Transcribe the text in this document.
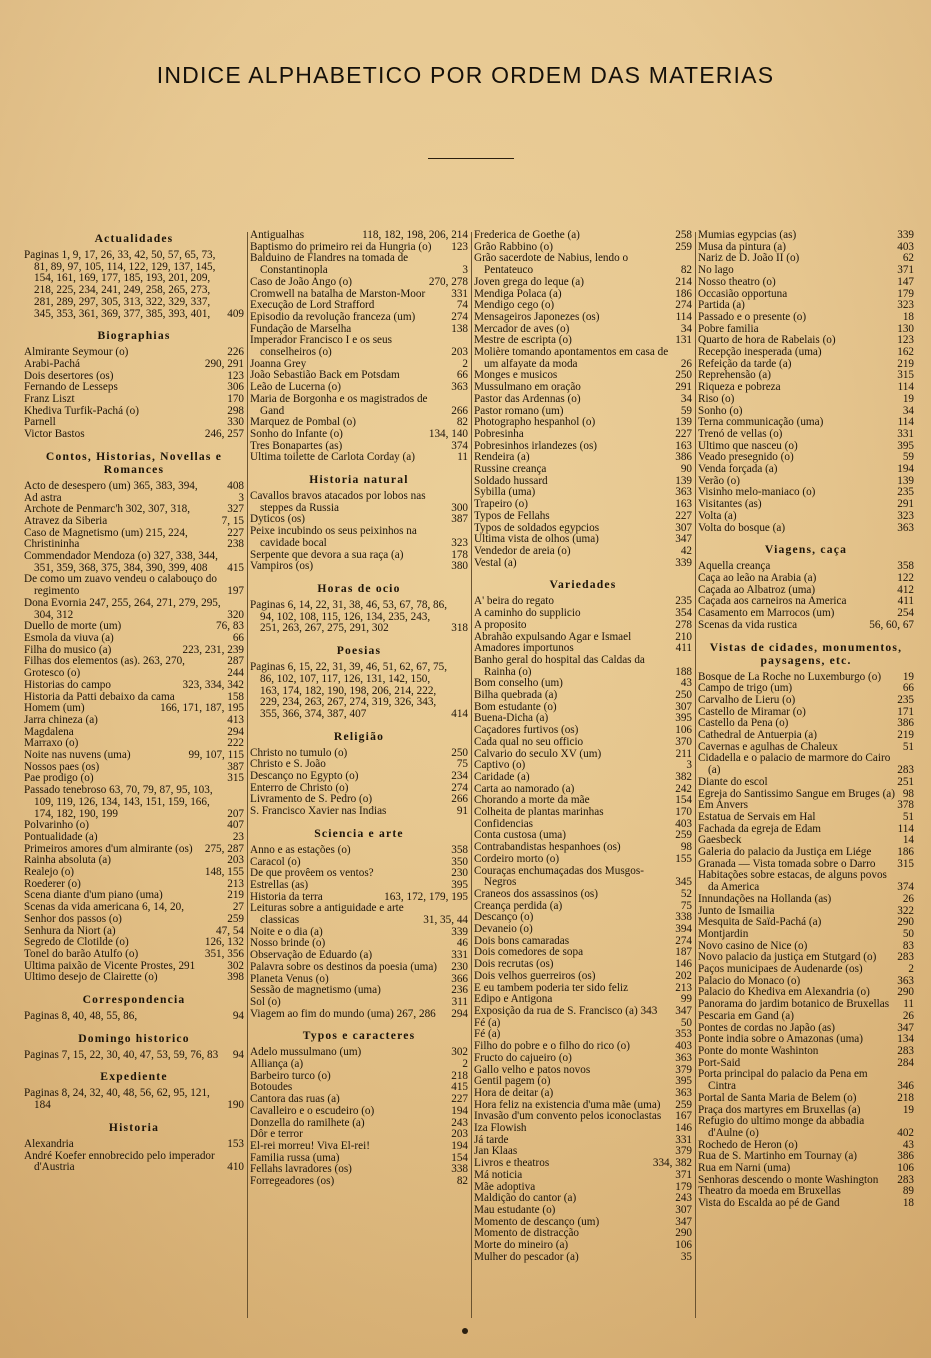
INDICE ALPHABETICO POR ORDEM DAS MATERIAS
Actualidades
Paginas 1, 9, 17, 26, 33, 42, 50, 57, 65, 73, 81, 89, 97, 105, 114, 122, 129, 137, 145, 154, 161, 169, 177, 185, 193, 201, 209, 218, 225, 234, 241, 249, 258, 265, 273, 281, 289, 297, 305, 313, 322, 329, 337, 345, 353, 361, 369, 377, 385, 393, 401,	409
Biographias
Almirante Seymour (o)	226
Arabi-Pachá	290, 291
Dois desertores (os)	123
Fernando de Lesseps	306
Franz Liszt	170
Khediva Turfik-Pachá (o)	298
Parnell	330
Victor Bastos	246, 257
Contos, Historias, Novellas e Romances
Acto de desespero (um) 365, 383, 394,	408
Ad astra	3
Archote de Penmarc'h 302, 307, 318,	327
Atravez da Siberia	7, 15
Caso de Magnetismo (um) 215, 224,	227
Christininha	238
Commendador Mendoza (o) 327, 338, 344, 351, 359, 368, 375, 384, 390, 399, 408	415
De como um zuavo vendeu o calabouço do regimento	197
Dona Evornia 247, 255, 264, 271, 279, 295, 304, 312	320
Duello de morte (um)	76, 83
Esmola da viuva (a)	66
Filha do musico (a)	223, 231, 239
Filhas dos elementos (as). 263, 270,	287
Grotesco (o)	244
Historias do campo	323, 334, 342
Historia da Patti debaixo da cama	158
Homem (um)	166, 171, 187, 195
Jarra chineza (a)	413
Magdalena	294
Marraxo (o)	222
Noite nas nuvens (uma)	99, 107, 115
Nossos paes (os)	387
Pae prodigo (o)	315
Passado tenebroso 63, 70, 79, 87, 95, 103, 109, 119, 126, 134, 143, 151, 159, 166, 174, 182, 190, 199	207
Polvarinho (o)	407
Pontualidade (a)	23
Primeiros amores d'um almirante (os)	275, 287
Rainha absoluta (a)	203
Realejo (o)	148, 155
Roederer (o)	213
Scena diante d'um piano (uma)	219
Scenas da vida americana 6, 14, 20,	27
Senhor dos passos (o)	259
Senhura da Niort (a)	47, 54
Segredo de Clotilde (o)	126, 132
Tonel do barão Atulfo (o)	351, 356
Ultima paixão de Vicente Prostes, 291	302
Ultimo desejo de Clairette (o)	398
Correspondencia
Paginas 8, 40, 48, 55, 86,	94
Domingo historico
Paginas 7, 15, 22, 30, 40, 47, 53, 59, 76, 83	94
Expediente
Paginas 8, 24, 32, 40, 48, 56, 62, 95, 121, 184	190
Historia
Alexandria	153
André Koefer ennobrecido pelo imperador d'Austria	410
Antigualhas	118, 182, 198, 206, 214
Baptismo do primeiro rei da Hungria (o)	123
Balduino de Flandres na tomada de Constantinopla	3
Caso de João Ango (o)	270, 278
Cromwell na batalha de Marston-Moor	331
Execução de Lord Strafford	74
Episodio da revolução franceza (um)	274
Fundação de Marselha	138
Imperador Francisco I e os seus conselheiros (o)	203
Joanna Grey	2
João Sebastião Back em Potsdam	66
Leão de Lucerna (o)	363
Maria de Borgonha e os magistrados de Gand	266
Marquez de Pombal (o)	82
Sonho do Infante (o)	134, 140
Tres Bonapartes (as)	374
Ultima toilette de Carlota Corday (a)	11
Historia natural
Cavallos bravos atacados por lobos nas steppes da Russia	300
Dyticos (os)	387
Peixe incubindo os seus peixinhos na cavidade bocal	323
Serpente que devora a sua raça (a)	178
Vampiros (os)	380
Horas de ocio
Paginas 6, 14, 22, 31, 38, 46, 53, 67, 78, 86, 94, 102, 108, 115, 126, 134, 235, 243, 251, 263, 267, 275, 291, 302	318
Poesias
Paginas 6, 15, 22, 31, 39, 46, 51, 62, 67, 75, 86, 102, 107, 117, 126, 131, 142, 150, 163, 174, 182, 190, 198, 206, 214, 222, 229, 234, 263, 267, 274, 319, 326, 343, 355, 366, 374, 387, 407	414
Religião
Christo no tumulo (o)	250
Christo e S. João	75
Descanço no Egypto (o)	234
Enterro de Christo (o)	274
Livramento de S. Pedro (o)	266
S. Francisco Xavier nas Indias	91
Sciencia e arte
Anno e as estações (o)	358
Caracol (o)	350
De que provêem os ventos?	230
Estrellas (as)	395
Historia da terra	163, 172, 179, 195
Leituras sobre a antiguidade e arte classicas	31, 35, 44
Noite e o dia (a)	339
Nosso brinde (o)	46
Observação de Eduardo (a)	331
Palavra sobre os destinos da poesia (uma)	230
Planeta Venus (o)	366
Sessão de magnetismo (uma)	236
Sol (o)	311
Viagem ao fim do mundo (uma) 267, 286	294
Typos e caracteres
Adelo mussulmano (um)	302
Alliança (a)	2
Barbeiro turco (o)	218
Botoudes	415
Cantora das ruas (a)	227
Cavalleiro e o escudeiro (o)	194
Donzella do ramilhete (a)	243
Dôr e terror	203
El-rei morreu! Viva El-rei!	194
Familia russa (uma)	154
Fellahs lavradores (os)	338
Forregeadores (os)	82
Frederica de Goethe (a)	258
Grão Rabbino (o)	259
Grão sacerdote de Nabius, lendo o Pentateuco	82
Joven grega do leque (a)	214
Mendiga Polaca (a)	186
Mendigo cego (o)	274
Mensageiros Japonezes (os)	114
Mercador de aves (o)	34
Mestre de escripta (o)	131
Molière tomando apontamentos em casa de um alfayate da moda	26
Monges e musicos	250
Mussulmano em oração	291
Pastor das Ardennas (o)	34
Pastor romano (um)	59
Photographo hespanhol (o)	139
Pobresinha	227
Pobresinhos irlandezes (os)	163
Rendeira (a)	386
Russine creança	90
Soldado hussard	139
Sybilla (uma)	363
Trapeiro (o)	163
Typos de Fellahs	227
Typos de soldados egypcios	307
Ultima vista de olhos (uma)	347
Vendedor de areia (o)	42
Vestal (a)	339
Variedades
A' beira do regato	235
A caminho do supplicio	354
A proposito	278
Abrahão expulsando Agar e Ismael	210
Amadores importunos	411
Banho geral do hospital das Caldas da Rainha (o)	188
Bom conselho (um)	43
Bilha quebrada (a)	250
Bom estudante (o)	307
Buena-Dicha (a)	395
Caçadores furtivos (os)	106
Cada qual no seu officio	370
Calvario do seculo XV (um)	211
Captivo (o)	3
Caridade (a)	382
Carta ao namorado (a)	242
Chorando a morte da mãe	154
Colheita de plantas marinhas	170
Confidencias	403
Conta custosa (uma)	259
Contrabandistas hespanhoes (os)	98
Cordeiro morto (o)	155
Couraças enchumaçadas dos Musgos-Negros	345
Craneos dos assassinos (os)	52
Creança perdida (a)	75
Descanço (o)	338
Devaneio (o)	394
Dois bons camaradas	274
Dois comedores de sopa	187
Dois recrutas (os)	146
Dois velhos guerreiros (os)	202
E eu tambem poderia ter sido feliz	213
Edipo e Antigona	99
Exposição da rua de S. Francisco (a) 343	347
Fé (a)	50
Fé (a)	353
Filho do pobre e o filho do rico (o)	403
Fructo do cajueiro (o)	363
Gallo velho e patos novos	379
Gentil pagem (o)	395
Hora de deitar (a)	363
Hora feliz na existencia d'uma mãe (uma)	259
Invasão d'um convento pelos iconoclastas	167
Iza Flowish	146
Já tarde	331
Jan Klaas	379
Livros e theatros	334, 382
Má noticia	371
Mãe adoptiva	179
Maldição do cantor (a)	243
Mau estudante (o)	307
Momento de descanço (um)	347
Momento de distracção	290
Morte do mineiro (a)	106
Mulher do pescador (a)	35
Mumias egypcias (as)	339
Musa da pintura (a)	403
Nariz de D. João II (o)	62
No lago	371
Nosso theatro (o)	147
Occasião opportuna	179
Partida (a)	323
Passado e o presente (o)	18
Pobre familia	130
Quarto de hora de Rabelais (o)	123
Recepção inesperada (uma)	162
Refeição da tarde (a)	219
Reprehensão (a)	315
Riqueza e pobreza	114
Riso (o)	19
Sonho (o)	34
Terna communicação (uma)	114
Trenó de vellas (o)	331
Ultimo que nasceu (o)	395
Veado presegnido (o)	59
Venda forçada (a)	194
Verão (o)	139
Visinho melo-maniaco (o)	235
Visitantes (as)	291
Volta (a)	323
Volta do bosque (a)	363
Viagens, caça
Aquella creança	358
Caça ao leão na Arabia (a)	122
Caçada ao Albatroz (uma)	412
Caçada aos carneiros na America	411
Casamento em Marrocos (um)	254
Scenas da vida rustica	56, 60, 67
Vistas de cidades, monumentos, paysagens, etc.
Bosque de La Roche no Luxemburgo (o)	19
Campo de trigo (um)	66
Carvalho de Lieru (o)	235
Castello de Miramar (o)	171
Castello da Pena (o)	386
Cathedral de Antuerpia (a)	219
Cavernas e agulhas de Chaleux	51
Cidadella e o palacio de marmore do Cairo (a)	283
Diante do escol	251
Egreja do Santissimo Sangue em Bruges (a) 98
Em Anvers	378
Estatua de Servais em Hal	51
Fachada da egreja de Edam	114
Gaesbeck	14
Galeria do palacio da Justiça em Liége	186
Granada — Vista tomada sobre o Darro	315
Habitações sobre estacas, de alguns povos da America	374
Innundações na Hollanda (as)	26
Junto de Ismailia	322
Mesquita de Saïd-Pachá (a)	290
Montjardin	50
Novo casino de Nice (o)	83
Novo palacio da justiça em Stutgard (o)	283
Paços municipaes de Audenarde (os)	2
Palacio do Monaco (o)	363
Palacio do Khediva em Alexandria (o)	290
Panorama do jardim botanico de Bruxellas	11
Pescaria em Gand (a)	26
Pontes de cordas no Japão (as)	347
Ponte india sobre o Amazonas (uma)	134
Ponte do monte Washinton	283
Port-Said	284
Porta principal do palacio da Pena em Cintra	346
Portal de Santa Maria de Belem (o)	218
Praça dos martyres em Bruxellas (a)	19
Refugio do ultimo monge da abbadia d'Aulne (o)	402
Rochedo de Heron (o)	43
Rua de S. Martinho em Tournay (a)	386
Rua em Narni (uma)	106
Senhoras descendo o monte Washington	283
Theatro da moeda em Bruxellas	89
Vista do Escalda ao pé de Gand	18
